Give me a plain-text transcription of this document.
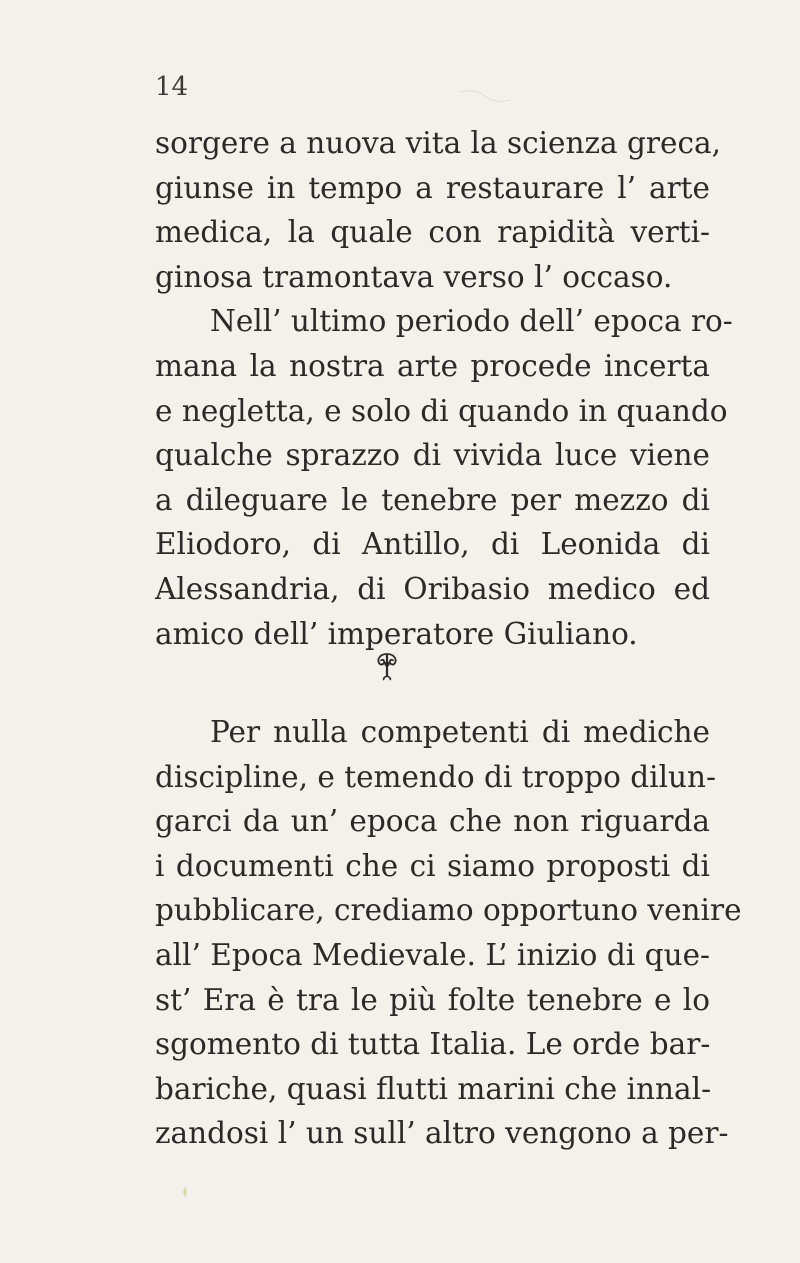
14
sorgere a nuova vita la scienza greca,
giunse in tempo a restaurare l’ arte
medica, la quale con rapidità verti-
ginosa tramontava verso l’ occaso.
Nell’ ultimo periodo dell’ epoca ro-
mana la nostra arte procede incerta
e negletta, e solo di quando in quando
qualche sprazzo di vivida luce viene
a dileguare le tenebre per mezzo di
Eliodoro, di Antillo, di Leonida di
Alessandria, di Oribasio medico ed
amico dell’ imperatore Giuliano.
Per nulla competenti di mediche
discipline, e temendo di troppo dilun-
garci da un’ epoca che non riguarda
i documenti che ci siamo proposti di
pubblicare, crediamo opportuno venire
all’ Epoca Medievale. L’ inizio di que-
st’ Era è tra le più folte tenebre e lo
sgomento di tutta Italia. Le orde bar-
bariche, quasi flutti marini che innal-
zandosi l’ un sull’ altro vengono a per-
